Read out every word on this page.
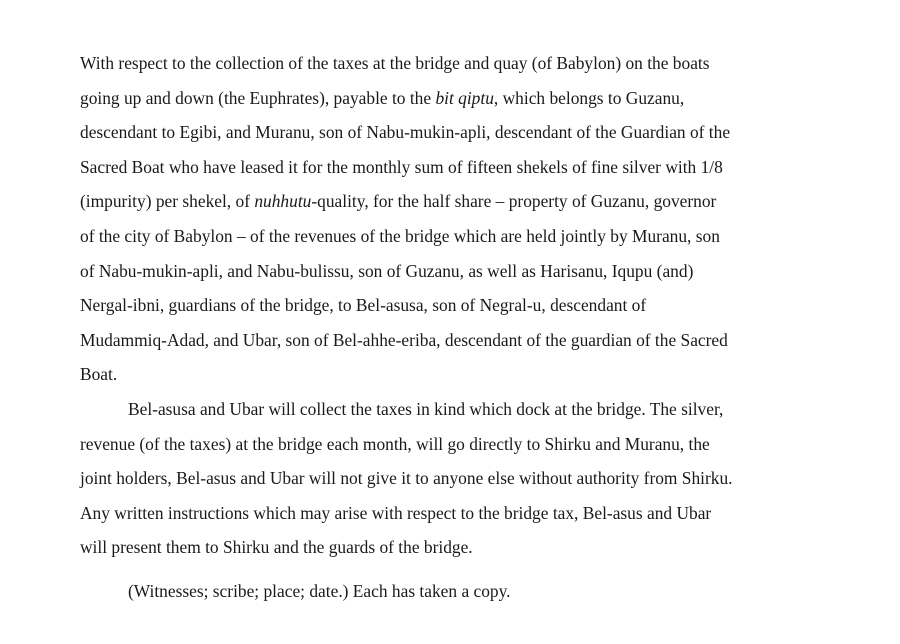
With respect to the collection of the taxes at the bridge and quay (of Babylon) on the boats
going up and down (the Euphrates), payable to the bit qiptu, which belongs to Guzanu,
descendant to Egibi, and Muranu, son of Nabu-mukin-apli, descendant of the Guardian of the
Sacred Boat who have leased it for the monthly sum of fifteen shekels of fine silver with 1/8
(impurity) per shekel, of nuhhutu-quality, for the half share – property of Guzanu, governor
of the city of Babylon – of the revenues of the bridge which are held jointly by Muranu, son
of Nabu-mukin-apli, and Nabu-bulissu, son of Guzanu, as well as Harisanu, Iqupu (and)
Nergal-ibni, guardians of the bridge, to Bel-asusa, son of Negral-u, descendant of
Mudammiq-Adad, and Ubar, son of Bel-ahhe-eriba, descendant of the guardian of the Sacred
Boat.

Bel-asusa and Ubar will collect the taxes in kind which dock at the bridge. The silver,
revenue (of the taxes) at the bridge each month, will go directly to Shirku and Muranu, the
joint holders, Bel-asus and Ubar will not give it to anyone else without authority from Shirku.
Any written instructions which may arise with respect to the bridge tax, Bel-asus and Ubar
will present them to Shirku and the guards of the bridge.

(Witnesses; scribe; place; date.) Each has taken a copy.
